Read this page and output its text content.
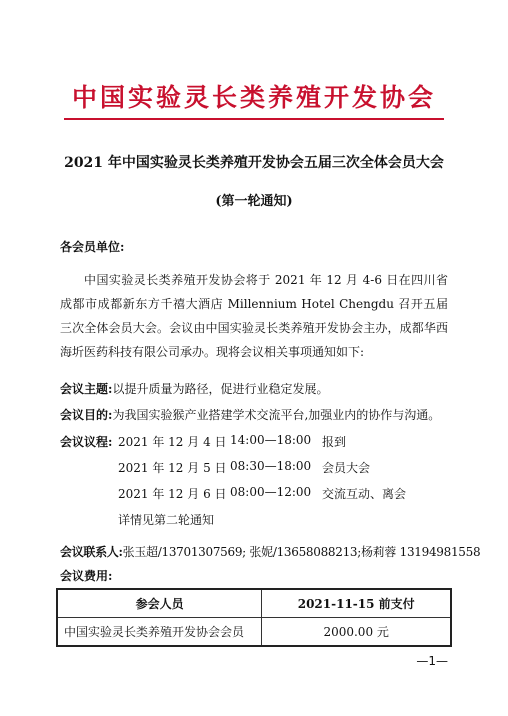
中国实验灵长类养殖开发协会
2021 年中国实验灵长类养殖开发协会五届三次全体会员大会
(第一轮通知)
各会员单位:
中国实验灵长类养殖开发协会将于 2021 年 12 月 4-6 日在四川省成都市成都新东方千禧大酒店 Millennium Hotel Chengdu 召开五届三次全体会员大会。会议由中国实验灵长类养殖开发协会主办，成都华西海圻医药科技有限公司承办。现将会议相关事项通知如下:
会议主题:以提升质量为路径，促进行业稳定发展。
会议目的:为我国实验猴产业搭建学术交流平台,加强业内的协作与沟通。
会议议程: 2021 年 12 月 4 日 14:00—18:00 报到
2021 年 12 月 5 日 08:30—18:00 会员大会
2021 年 12 月 6 日 08:00—12:00 交流互动、离会
详情见第二轮通知
会议联系人:张玉超/13701307569; 张妮/13658088213;杨莉蓉 13194981558
会议费用:
参会人员	2021-11-15 前支付
中国实验灵长类养殖开发协会会员	2000.00 元
—1—
